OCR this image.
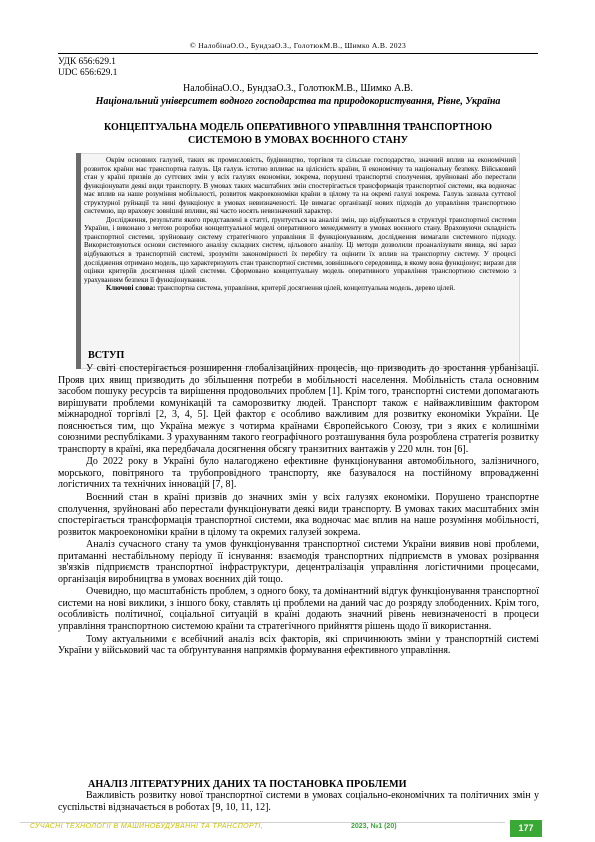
© НалобінаО.О., БундзаО.З., ГолотюкМ.В., Шимко А.В. 2023
УДК 656:629.1
UDC 656:629.1
НалобінаО.О., БундзаО.З., ГолотюкМ.В., Шимко А.В.
Національний університет водного господарства та природокористування, Рівне, Україна
КОНЦЕПТУАЛЬНА МОДЕЛЬ ОПЕРАТИВНОГО УПРАВЛІННЯ ТРАНСПОРТНОЮ
СИСТЕМОЮ В УМОВАХ ВОЄННОГО СТАНУ

Окрім основних галузей, таких як промисловість, будівництво, торгівля та сільське господарство, значний вплив на економічний розвиток країни має транспортна галузь. Ця галузь істотно впливає на цілісність країни, її економічну та національну безпеку. Військовий стан у країні призвів до суттєвих змін у всіх галузях економіки, зокрема, порушені транспортні сполучення, зруйновані або перестали функціонувати деякі види транспорту. В умовах таких масштабних змін спостерігається трансформація транспортної системи, яка водночас має вплив на наше розуміння мобільності, розвиток макроекономіки країни в цілому та на окремі галузі зокрема. Галузь зазнала суттєвої структурної руйнації та нині функціонує в умовах невизначеності. Це вимагає організації нових підходів до управління транспортною системою, що враховує зовнішні впливи, які часто носять невизначений характер.

Дослідження, результати якого представлені в статті, ґрунтується на аналізі змін, що відбуваються в структурі транспортної системи України, і виконано з метою розробки концептуальної моделі оперативного менеджменту в умовах воєнного стану. Враховуючи складність транспортної системи, зруйновану систему стратегічного управління її функціонуванням, дослідження вимагали системного підходу. Використовуються основи системного аналізу складних систем, цільового аналізу. Ці методи дозволили проаналізувати явища, які зараз відбуваються в транспортній системі, зрозуміти закономірності їх перебігу та оцінити їх вплив на транспортну систему. У процесі дослідження отримано модель, що характеризують стан транспортної системи, зовнішнього середовища, в якому вона функціонує; вирази для оцінки критеріїв досягнення цілей системи. Сформовано концептуальну модель оперативного управління транспортною системою з урахуванням безпеки її функціонування.

Ключові слова: транспортна система, управління, критерії досягнення цілей, концептуальна модель, дерево цілей.

ВСТУП

У світі спостерігається розширення глобалізаційних процесів, що призводить до зростання урбанізації. Прояв цих явищ призводить до збільшення потреби в мобільності населення. Мобільність стала основним засобом пошуку ресурсів та вирішення продовольчих проблем [1]. Крім того, транспортні системи допомагають вирішувати проблеми комунікацій та саморозвитку людей. Транспорт також є найважливішим фактором міжнародної торгівлі [2, 3, 4, 5]. Цей фактор є особливо важливим для розвитку економіки України. Це пояснюється тим, що Україна межує з чотирма країнами Європейського Союзу, три з яких є колишніми союзними республіками. З урахуванням такого географічного розташування була розроблена стратегія розвитку транспорту в країні, яка передбачала досягнення обсягу транзитних вантажів у 220 млн. тон [6].

До 2022 року в Україні було налагоджено ефективне функціонування автомобільного, залізничного, морського, повітряного та трубопровідного транспорту, яке базувалося на постійному впровадженні логістичних та технічних інновацій [7, 8].

Воєнний стан в країні призвів до значних змін у всіх галузях економіки. Порушено транспортне сполучення, зруйновані або перестали функціонувати деякі види транспорту. В умовах таких масштабних змін спостерігається трансформація транспортної системи, яка водночас має вплив на наше розуміння мобільності, розвиток макроекономіки країни в цілому та окремих галузей зокрема.

Аналіз сучасного стану та умов функціонування транспортної системи України виявив нові проблеми, притаманні нестабільному періоду її існування: взаємодія транспортних підприємств в умовах розірвання зв'язків підприємств транспортної інфраструктури, децентралізація управління логістичними процесами, організація виробництва в умовах воєнних дій тощо.

Очевидно, що масштабність проблем, з одного боку, та домінантний відгук функціонування транспортної системи на нові виклики, з іншого боку, ставлять ці проблеми на даний час до розряду злободенних. Крім того, особливість політичної, соціальної ситуацій в країні додають значний рівень невизначеності в процеси управління транспортною системою країни та стратегічного прийняття рішень щодо її використання.

Тому актуальними є всебічний аналіз всіх факторів, які спричинюють зміни у транспортній системі України у військовий час та обґрунтування напрямків формування ефективного управління.

АНАЛІЗ ЛІТЕРАТУРНИХ ДАНИХ ТА ПОСТАНОВКА ПРОБЛЕМИ

Важливість розвитку нової транспортної системи в умовах соціально-економічних та політичних змін у суспільстві відзначається в роботах [9, 10, 11, 12].

СУЧАСНІ ТЕХНОЛОГІЇ В МАШИНОБУДУВАННІ ТА ТРАНСПОРТІ,	2023, №1 (20)	177
